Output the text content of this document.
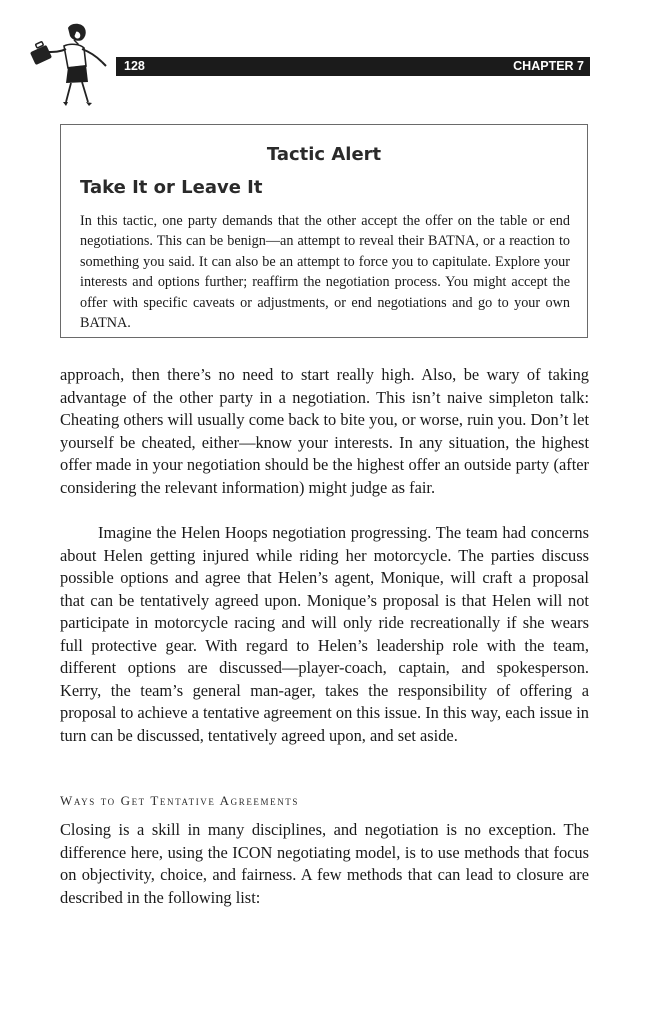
128	CHAPTER 7
Tactic Alert
Take It or Leave It
In this tactic, one party demands that the other accept the offer on the table or end negotiations. This can be benign—an attempt to reveal their BATNA, or a reaction to something you said. It can also be an attempt to force you to capitulate. Explore your interests and options further; reaffirm the negotiation process. You might accept the offer with specific caveats or adjustments, or end negotiations and go to your own BATNA.

approach, then there’s no need to start really high. Also, be wary of taking advantage of the other party in a negotiation. This isn’t naive simpleton talk: Cheating others will usually come back to bite you, or worse, ruin you. Don’t let yourself be cheated, either—know your interests. In any situation, the highest offer made in your negotiation should be the highest offer an outside party (after considering the relevant information) might judge as fair.

Imagine the Helen Hoops negotiation progressing. The team had concerns about Helen getting injured while riding her motorcycle. The parties discuss possible options and agree that Helen’s agent, Monique, will craft a proposal that can be tentatively agreed upon. Monique’s proposal is that Helen will not participate in motorcycle racing and will only ride recreationally if she wears full protective gear. With regard to Helen’s leadership role with the team, different options are discussed—player-coach, captain, and spokesperson. Kerry, the team’s general man-ager, takes the responsibility of offering a proposal to achieve a tentative agreement on this issue. In this way, each issue in turn can be discussed, tentatively agreed upon, and set aside.

Ways to Get Tentative Agreements

Closing is a skill in many disciplines, and negotiation is no exception. The difference here, using the ICON negotiating model, is to use methods that focus on objectivity, choice, and fairness. A few methods that can lead to closure are described in the following list:
